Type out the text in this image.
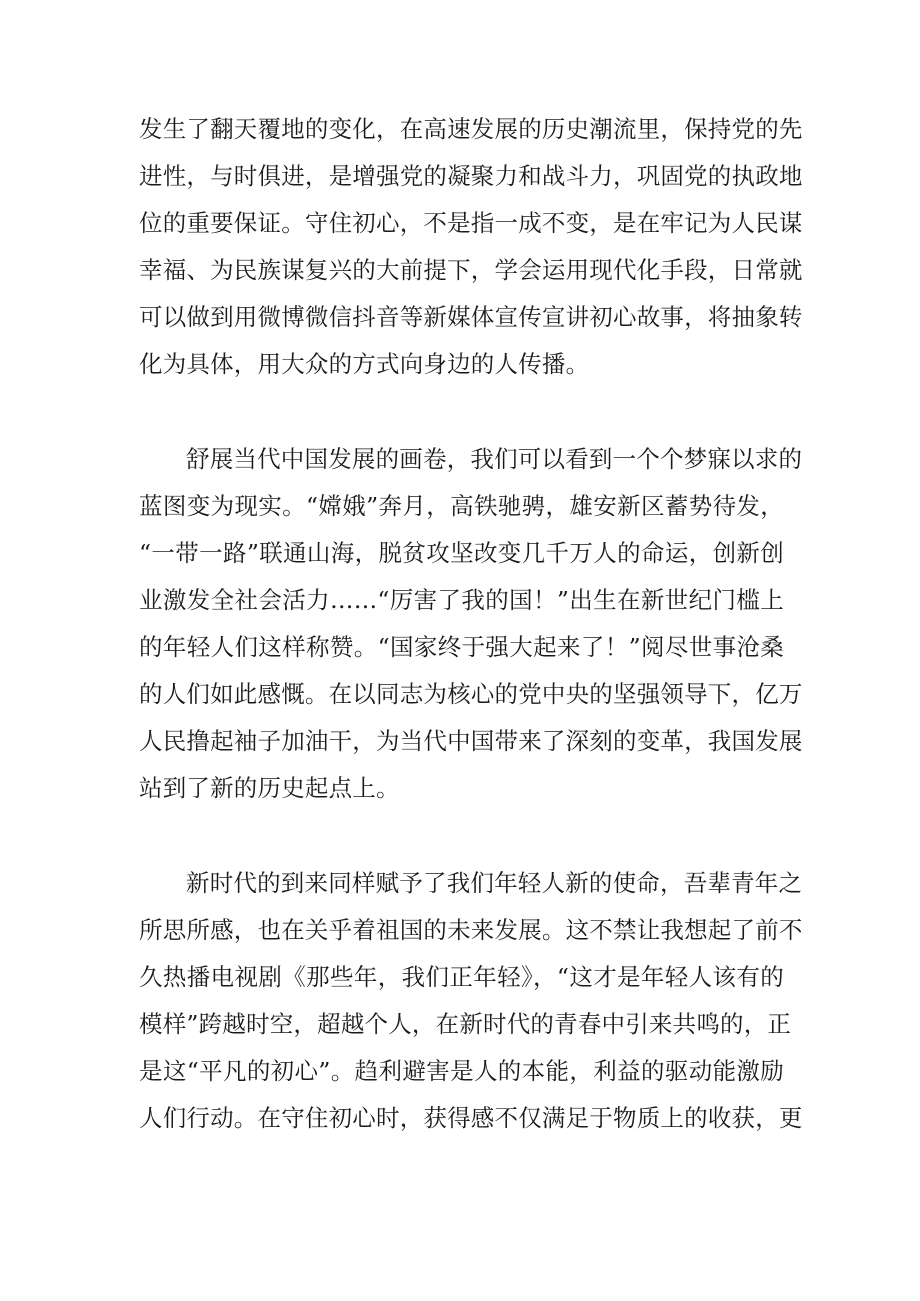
发生了翻天覆地的变化，在高速发展的历史潮流里，保持党的先
进性，与时俱进，是增强党的凝聚力和战斗力，巩固党的执政地
位的重要保证。守住初心，不是指一成不变，是在牢记为人民谋
幸福、为民族谋复兴的大前提下，学会运用现代化手段，日常就
可以做到用微博微信抖音等新媒体宣传宣讲初心故事，将抽象转
化为具体，用大众的方式向身边的人传播。

舒展当代中国发展的画卷，我们可以看到一个个梦寐以求的
蓝图变为现实。“嫦娥”奔月，高铁驰骋，雄安新区蓄势待发，
“一带一路”联通山海，脱贫攻坚改变几千万人的命运，创新创
业激发全社会活力……“厉害了我的国！”出生在新世纪门槛上
的年轻人们这样称赞。“国家终于强大起来了！”阅尽世事沧桑
的人们如此感慨。在以同志为核心的党中央的坚强领导下，亿万
人民撸起袖子加油干，为当代中国带来了深刻的变革，我国发展
站到了新的历史起点上。

新时代的到来同样赋予了我们年轻人新的使命，吾辈青年之
所思所感，也在关乎着祖国的未来发展。这不禁让我想起了前不
久热播电视剧《那些年，我们正年轻》，“这才是年轻人该有的
模样”跨越时空，超越个人，在新时代的青春中引来共鸣的，正
是这“平凡的初心”。趋利避害是人的本能，利益的驱动能激励
人们行动。在守住初心时，获得感不仅满足于物质上的收获，更
